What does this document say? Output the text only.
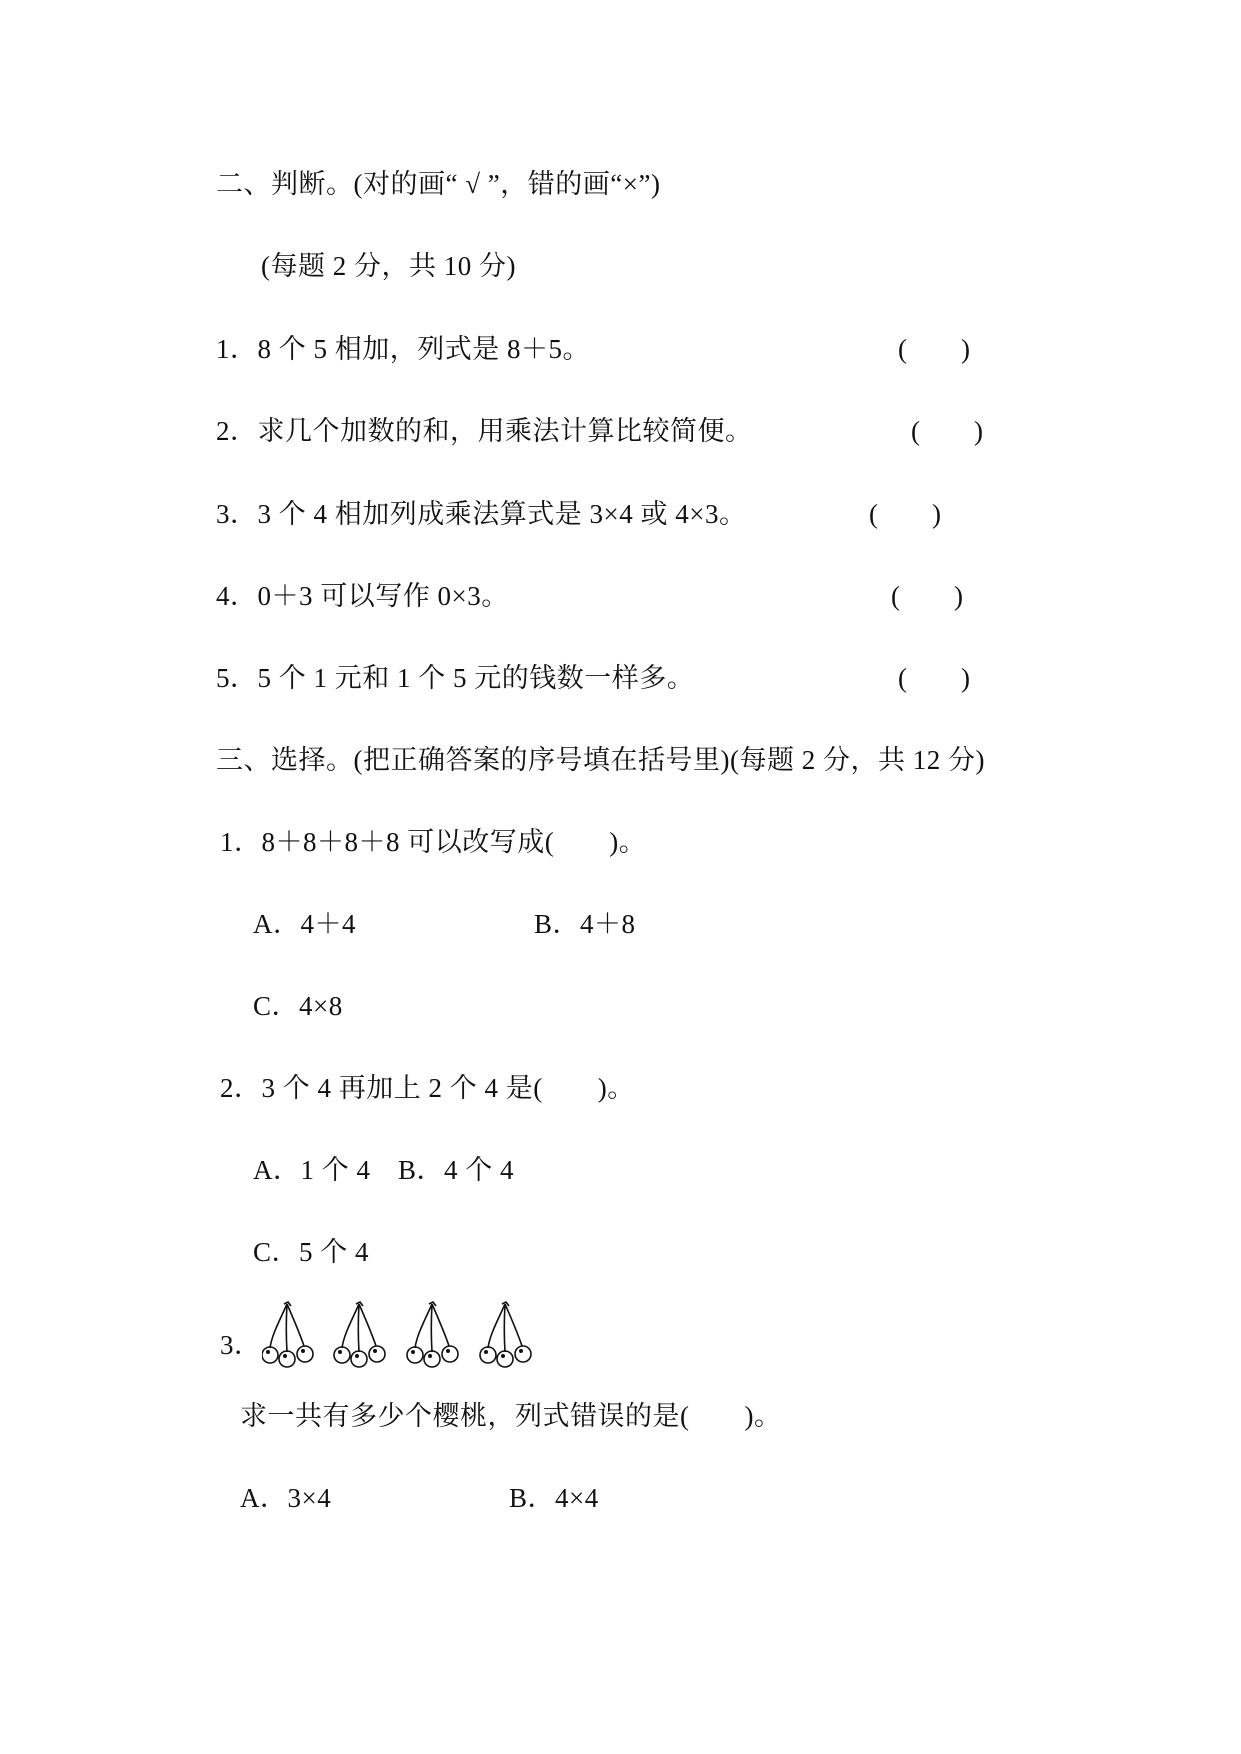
二、判断。(对的画“ √ ”，错的画“×”)
(每题 2 分，共 10 分)
1．8 个 5 相加，列式是 8＋5。	(　　)
2．求几个加数的和，用乘法计算比较简便。	(　　)
3．3 个 4 相加列成乘法算式是 3×4 或 4×3。	(　　)
4．0＋3 可以写作 0×3。	(　　)
5．5 个 1 元和 1 个 5 元的钱数一样多。	(　　)
三、选择。(把正确答案的序号填在括号里)(每题 2 分，共 12 分)
1．8＋8＋8＋8 可以改写成(　　)。
A．4＋4	B．4＋8
C．4×8
2．3 个 4 再加上 2 个 4 是(　　)。
A．1 个 4　B．4 个 4
C．5 个 4
3．
求一共有多少个樱桃，列式错误的是(　　)。
A．3×4	B．4×4
